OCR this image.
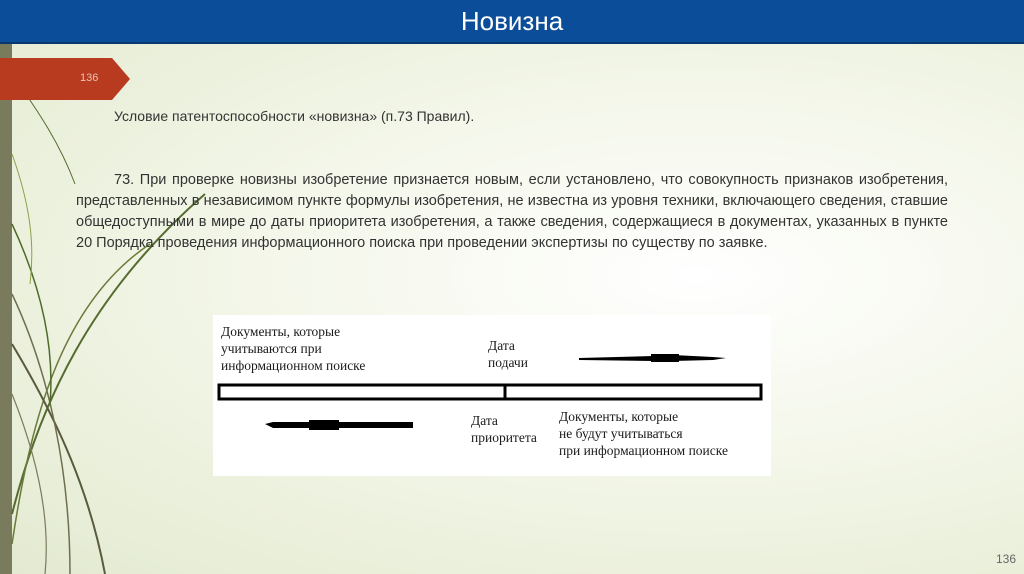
Новизна
136
Условие патентоспособности «новизна» (п.73 Правил).
73. При проверке новизны изобретение признается новым, если установлено, что совокупность признаков изобретения, представленных в независимом пункте формулы изобретения, не известна из уровня техники, включающего сведения, ставшие общедоступными в мире до даты приоритета изобретения, а также сведения, содержащиеся в документах, указанных в пункте 20 Порядка проведения информационного поиска при проведении экспертизы по существу по заявке.
Документы, которые
учитываются при
информационном поиске
Дата
подачи
Дата
приоритета
Документы, которые
не будут учитываться
при информационном поиске
136
